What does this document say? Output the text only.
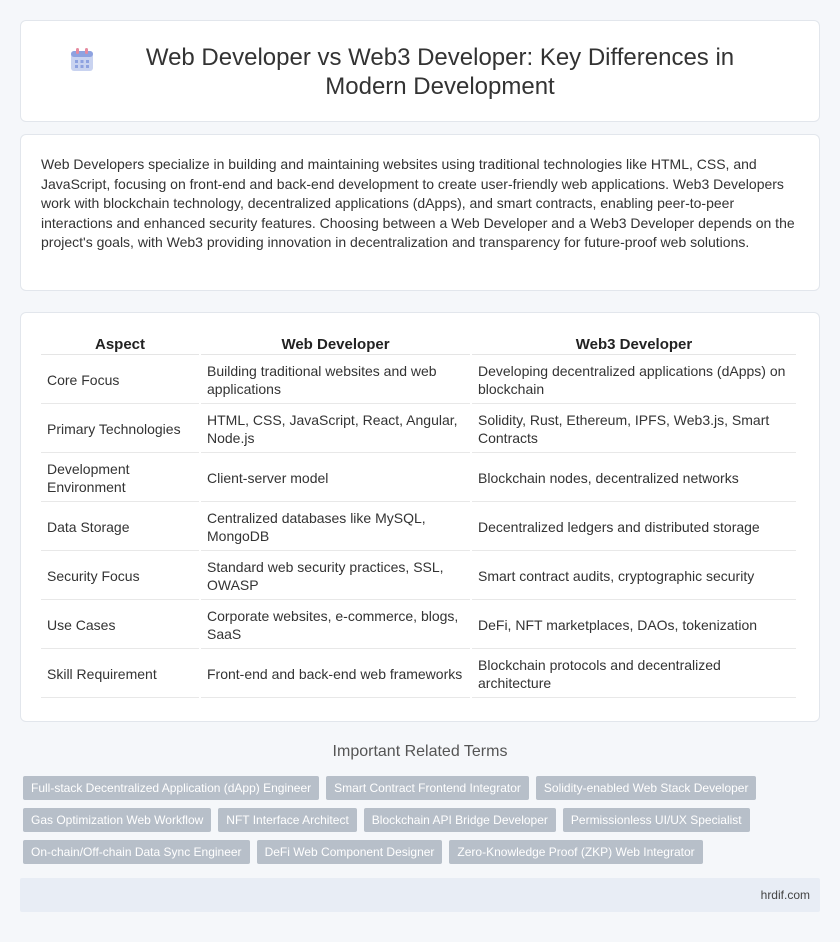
Web Developer vs Web3 Developer: Key Differences in Modern Development

Web Developers specialize in building and maintaining websites using traditional technologies like HTML, CSS, and JavaScript, focusing on front-end and back-end development to create user-friendly web applications. Web3 Developers work with blockchain technology, decentralized applications (dApps), and smart contracts, enabling peer-to-peer interactions and enhanced security features. Choosing between a Web Developer and a Web3 Developer depends on the project's goals, with Web3 providing innovation in decentralization and transparency for future-proof web solutions.

Aspect	Web Developer	Web3 Developer
Core Focus	Building traditional websites and web applications	Developing decentralized applications (dApps) on blockchain
Primary Technologies	HTML, CSS, JavaScript, React, Angular, Node.js	Solidity, Rust, Ethereum, IPFS, Web3.js, Smart Contracts
Development Environment	Client-server model	Blockchain nodes, decentralized networks
Data Storage	Centralized databases like MySQL, MongoDB	Decentralized ledgers and distributed storage
Security Focus	Standard web security practices, SSL, OWASP	Smart contract audits, cryptographic security
Use Cases	Corporate websites, e-commerce, blogs, SaaS	DeFi, NFT marketplaces, DAOs, tokenization
Skill Requirement	Front-end and back-end web frameworks	Blockchain protocols and decentralized architecture
Important Related Terms
Full-stack Decentralized Application (dApp) Engineer	Smart Contract Frontend Integrator	Solidity-enabled Web Stack Developer
Gas Optimization Web Workflow	NFT Interface Architect	Blockchain API Bridge Developer	Permissionless UI/UX Specialist
On-chain/Off-chain Data Sync Engineer	DeFi Web Component Designer	Zero-Knowledge Proof (ZKP) Web Integrator
hrdif.com
